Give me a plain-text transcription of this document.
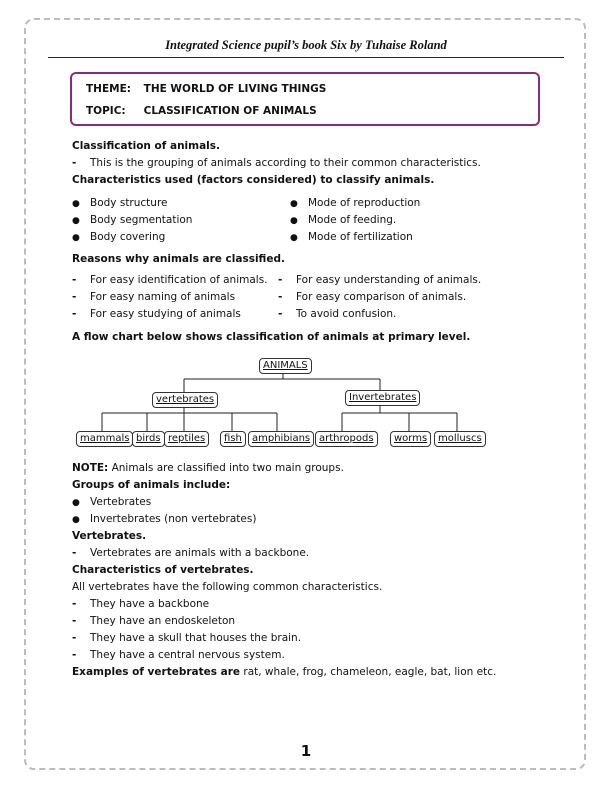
Integrated Science pupil’s book Six by Tuhaise Roland
THEME: THE WORLD OF LIVING THINGS
TOPIC: CLASSIFICATION OF ANIMALS
Classification of animals.
- This is the grouping of animals according to their common characteristics.
Characteristics used (factors considered) to classify animals.
● Body structure
● Body segmentation
● Body covering
● Mode of reproduction
● Mode of feeding.
● Mode of fertilization
Reasons why animals are classified.
- For easy identification of animals.
- For easy naming of animals
- For easy studying of animals
- For easy understanding of animals.
- For easy comparison of animals.
- To avoid confusion.
A flow chart below shows classification of animals at primary level.
ANIMALS
vertebrates	Invertebrates
mammals birds reptiles	fish	amphibians arthropods	worms	molluscs
NOTE: Animals are classified into two main groups.
Groups of animals include:
● Vertebrates
● Invertebrates (non vertebrates)
Vertebrates.
- Vertebrates are animals with a backbone.
Characteristics of vertebrates.
All vertebrates have the following common characteristics.
- They have a backbone
- They have an endoskeleton
- They have a skull that houses the brain.
- They have a central nervous system.
Examples of vertebrates are rat, whale, frog, chameleon, eagle, bat, lion etc.
1
